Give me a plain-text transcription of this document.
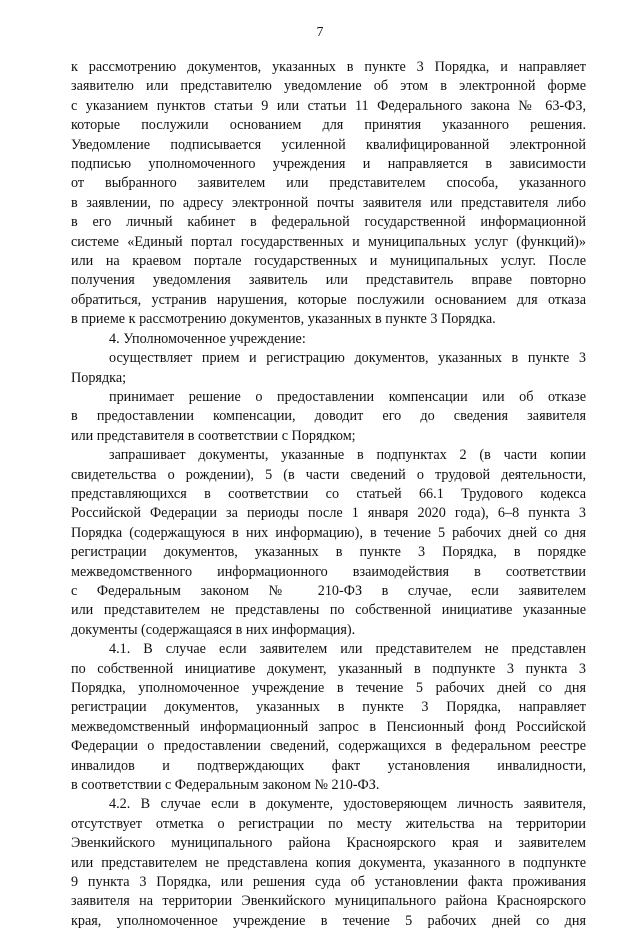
7
к рассмотрению документов, указанных в пункте 3 Порядка, и направляет
заявителю или представителю уведомление об этом в электронной форме
с указанием пунктов статьи 9 или статьи 11 Федерального закона № 63-ФЗ,
которые послужили основанием для принятия указанного решения.
Уведомление подписывается усиленной квалифицированной электронной
подписью уполномоченного учреждения и направляется в зависимости
от выбранного заявителем или представителем способа, указанного
в заявлении, по адресу электронной почты заявителя или представителя либо
в его личный кабинет в федеральной государственной информационной
системе «Единый портал государственных и муниципальных услуг (функций)»
или на краевом портале государственных и муниципальных услуг. После
получения уведомления заявитель или представитель вправе повторно
обратиться, устранив нарушения, которые послужили основанием для отказа
в приеме к рассмотрению документов, указанных в пункте 3 Порядка.
4. Уполномоченное учреждение:
осуществляет прием и регистрацию документов, указанных в пункте 3
Порядка;
принимает решение о предоставлении компенсации или об отказе
в предоставлении компенсации, доводит его до сведения заявителя
или представителя в соответствии с Порядком;
запрашивает документы, указанные в подпунктах 2 (в части копии
свидетельства о рождении), 5 (в части сведений о трудовой деятельности,
представляющихся в соответствии со статьей 66.1 Трудового кодекса
Российской Федерации за периоды после 1 января 2020 года), 6–8 пункта 3
Порядка (содержащуюся в них информацию), в течение 5 рабочих дней со дня
регистрации документов, указанных в пункте 3 Порядка, в порядке
межведомственного информационного взаимодействия в соответствии
с Федеральным законом № 210-ФЗ в случае, если заявителем
или представителем не представлены по собственной инициативе указанные
документы (содержащаяся в них информация).
4.1. В случае если заявителем или представителем не представлен
по собственной инициативе документ, указанный в подпункте 3 пункта 3
Порядка, уполномоченное учреждение в течение 5 рабочих дней со дня
регистрации документов, указанных в пункте 3 Порядка, направляет
межведомственный информационный запрос в Пенсионный фонд Российской
Федерации о предоставлении сведений, содержащихся в федеральном реестре
инвалидов и подтверждающих факт установления инвалидности,
в соответствии с Федеральным законом № 210-ФЗ.
4.2. В случае если в документе, удостоверяющем личность заявителя,
отсутствует отметка о регистрации по месту жительства на территории
Эвенкийского муниципального района Красноярского края и заявителем
или представителем не представлена копия документа, указанного в подпункте
9 пункта 3 Порядка, или решения суда об установлении факта проживания
заявителя на территории Эвенкийского муниципального района Красноярского
края, уполномоченное учреждение в течение 5 рабочих дней со дня
